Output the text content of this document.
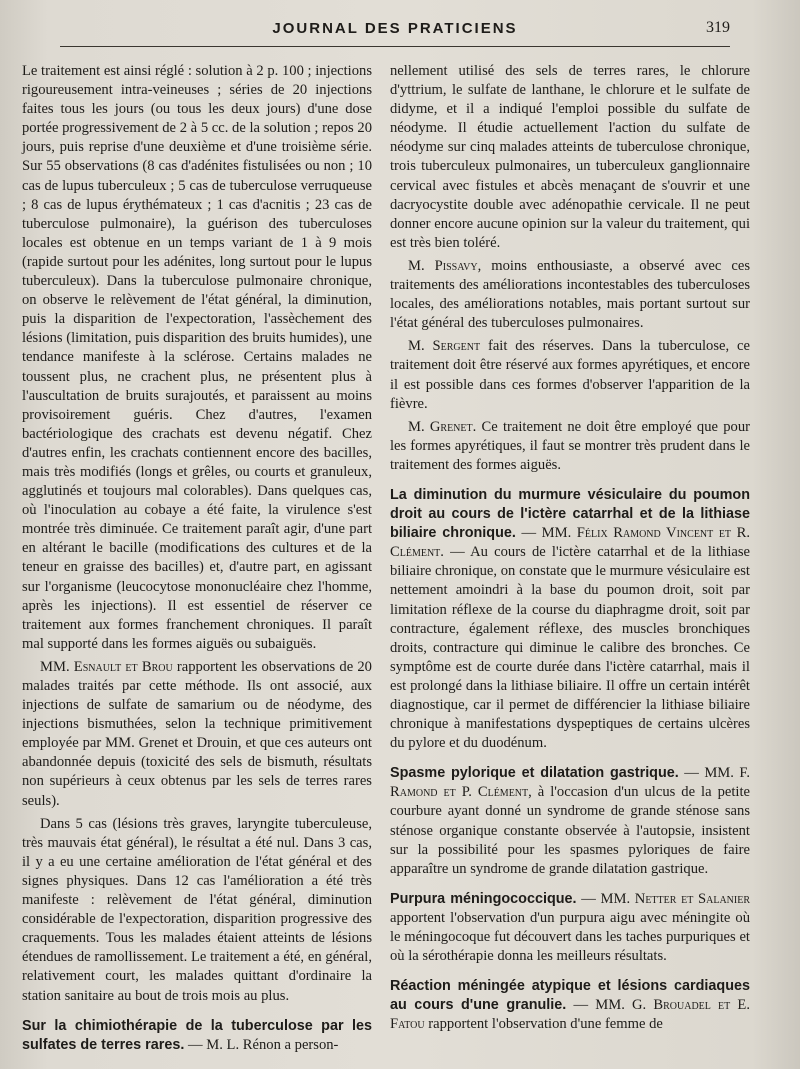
JOURNAL DES PRATICIENS	319

Le traitement est ainsi réglé : solution à 2 p. 100 ; injections rigoureusement intra-veineuses ; séries de 20 injections faites tous les jours (ou tous les deux jours) d'une dose portée progressivement de 2 à 5 cc. de la solution ; repos 20 jours, puis reprise d'une deuxième et d'une troisième série. Sur 55 observations (8 cas d'adénites fistulisées ou non ; 10 cas de lupus tuberculeux ; 5 cas de tuberculose verruqueuse ; 8 cas de lupus érythémateux ; 1 cas d'acnitis ; 23 cas de tuberculose pulmonaire), la guérison des tuberculoses locales est obtenue en un temps variant de 1 à 9 mois (rapide surtout pour les adénites, long surtout pour le lupus tuberculeux). Dans la tuberculose pulmonaire chronique, on observe le relèvement de l'état général, la diminution, puis la disparition de l'expectoration, l'assèchement des lésions (limitation, puis disparition des bruits humides), une tendance manifeste à la sclérose. Certains malades ne toussent plus, ne crachent plus, ne présentent plus à l'auscultation de bruits surajoutés, et paraissent au moins provisoirement guéris. Chez d'autres, l'examen bactériologique des crachats est devenu négatif. Chez d'autres enfin, les crachats contiennent encore des bacilles, mais très modifiés (longs et grêles, ou courts et granuleux, agglutinés et toujours mal colorables). Dans quelques cas, où l'inoculation au cobaye a été faite, la virulence s'est montrée très diminuée. Ce traitement paraît agir, d'une part en altérant le bacille (modifications des cultures et de la teneur en graisse des bacilles) et, d'autre part, en agissant sur l'organisme (leucocytose mononucléaire chez l'homme, après les injections). Il est essentiel de réserver ce traitement aux formes franchement chroniques. Il paraît mal supporté dans les formes aiguës ou subaiguës.

MM. Esnault et Brou rapportent les observations de 20 malades traités par cette méthode. Ils ont associé, aux injections de sulfate de samarium ou de néodyme, des injections bismuthées, selon la technique primitivement employée par MM. Grenet et Drouin, et que ces auteurs ont abandonnée depuis (toxicité des sels de bismuth, résultats non supérieurs à ceux obtenus par les sels de terres rares seuls).

Dans 5 cas (lésions très graves, laryngite tuberculeuse, très mauvais état général), le résultat a été nul. Dans 3 cas, il y a eu une certaine amélioration de l'état général et des signes physiques. Dans 12 cas l'amélioration a été très manifeste : relèvement de l'état général, diminution considérable de l'expectoration, disparition progressive des craquements. Tous les malades étaient atteints de lésions étendues de ramollissement. Le traitement a été, en général, relativement court, les malades quittant d'ordinaire la station sanitaire au bout de trois mois au plus.

Sur la chimiothérapie de la tuberculose par les sulfates de terres rares. — M. L. Rénon a person-

nellement utilisé des sels de terres rares, le chlorure d'yttrium, le sulfate de lanthane, le chlorure et le sulfate de didyme, et il a indiqué l'emploi possible du sulfate de néodyme. Il étudie actuellement l'action du sulfate de néodyme sur cinq malades atteints de tuberculose chronique, trois tuberculeux pulmonaires, un tuberculeux ganglionnaire cervical avec fistules et abcès menaçant de s'ouvrir et une dacryocystite double avec adénopathie cervicale. Il ne peut donner encore aucune opinion sur la valeur du traitement, qui est très bien toléré.

M. Pissavy, moins enthousiaste, a observé avec ces traitements des améliorations incontestables des tuberculoses locales, des améliorations notables, mais portant surtout sur l'état général des tuberculoses pulmonaires.

M. Sergent fait des réserves. Dans la tuberculose, ce traitement doit être réservé aux formes apyrétiques, et encore il est possible dans ces formes d'observer l'apparition de la fièvre.

M. Grenet. Ce traitement ne doit être employé que pour les formes apyrétiques, il faut se montrer très prudent dans le traitement des formes aiguës.

La diminution du murmure vésiculaire du poumon droit au cours de l'ictère catarrhal et de la lithiase biliaire chronique. — MM. Félix Ramond Vincent et R. Clément. — Au cours de l'ictère catarrhal et de la lithiase biliaire chronique, on constate que le murmure vésiculaire est nettement amoindri à la base du poumon droit, soit par limitation réflexe de la course du diaphragme droit, soit par contracture, également réflexe, des muscles bronchiques droits, contracture qui diminue le calibre des bronches. Ce symptôme est de courte durée dans l'ictère catarrhal, mais il est prolongé dans la lithiase biliaire. Il offre un certain intérêt diagnostique, car il permet de différencier la lithiase biliaire chronique à manifestations dyspeptiques de certains ulcères du pylore et du duodénum.
Spasme pylorique et dilatation gastrique. — MM. F. Ramond et P. Clément, à l'occasion d'un ulcus de la petite courbure ayant donné un syndrome de grande sténose sans sténose organique constante observée à l'autopsie, insistent sur la possibilité pour les spasmes pyloriques de faire apparaître un syndrome de grande dilatation gastrique.
Purpura méningococcique. — MM. Netter et Salanier apportent l'observation d'un purpura aigu avec méningite où le méningocoque fut découvert dans les taches purpuriques et où la sérothérapie donna les meilleurs résultats.
Réaction méningée atypique et lésions cardiaques au cours d'une granulie. — MM. G. Brouadel et E. Fatou rapportent l'observation d'une femme de
